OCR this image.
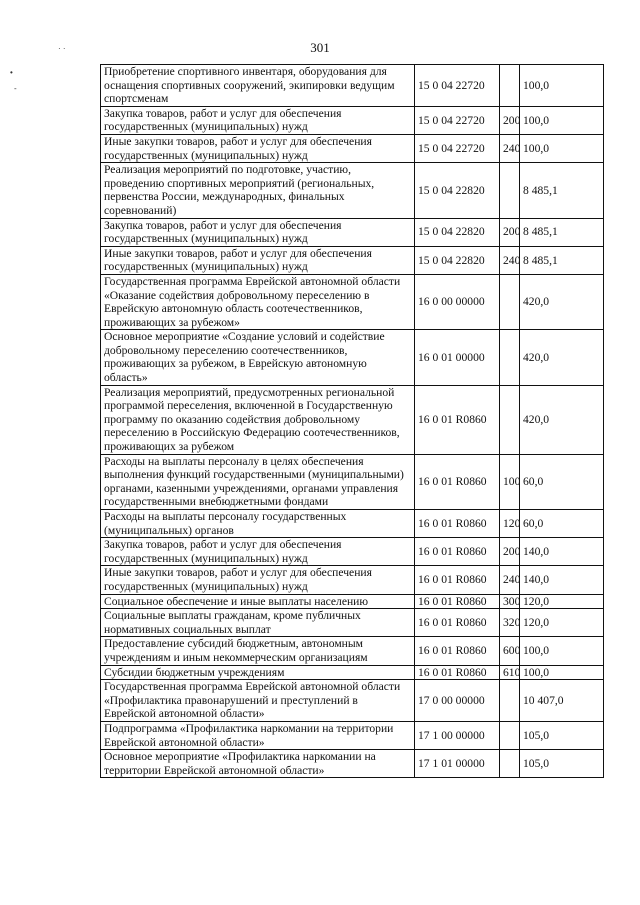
301
· ·
•
-
Приобретение спортивного инвентаря, оборудования для оснащения спортивных сооружений, экипировки ведущим спортсменам	15 0 04 22720		100,0
Закупка товаров, работ и услуг для обеспечения государственных (муниципальных) нужд	15 0 04 22720	200	100,0
Иные закупки товаров, работ и услуг для обеспечения государственных (муниципальных) нужд	15 0 04 22720	240	100,0
Реализация мероприятий по подготовке, участию, проведению спортивных мероприятий (региональных, первенства России, международных, финальных соревнований)	15 0 04 22820		8 485,1
Закупка товаров, работ и услуг для обеспечения государственных (муниципальных) нужд	15 0 04 22820	200	8 485,1
Иные закупки товаров, работ и услуг для обеспечения государственных (муниципальных) нужд	15 0 04 22820	240	8 485,1
Государственная программа Еврейской автономной области «Оказание содействия добровольному переселению в Еврейскую автономную область соотечественников, проживающих за рубежом»	16 0 00 00000		420,0
Основное мероприятие «Создание условий и содействие добровольному переселению соотечественников, проживающих за рубежом, в Еврейскую автономную область»	16 0 01 00000		420,0
Реализация мероприятий, предусмотренных региональной программой переселения, включенной в Государственную программу по оказанию содействия добровольному переселению в Российскую Федерацию соотечественников, проживающих за рубежом	16 0 01 R0860		420,0
Расходы на выплаты персоналу в целях обеспечения выполнения функций государственными (муниципальными) органами, казенными учреждениями, органами управления государственными внебюджетными фондами	16 0 01 R0860	100	60,0
Расходы на выплаты персоналу государственных (муниципальных) органов	16 0 01 R0860	120	60,0
Закупка товаров, работ и услуг для обеспечения государственных (муниципальных) нужд	16 0 01 R0860	200	140,0
Иные закупки товаров, работ и услуг для обеспечения государственных (муниципальных) нужд	16 0 01 R0860	240	140,0
Социальное обеспечение и иные выплаты населению	16 0 01 R0860	300	120,0
Социальные выплаты гражданам, кроме публичных нормативных социальных выплат	16 0 01 R0860	320	120,0
Предоставление субсидий бюджетным, автономным учреждениям и иным некоммерческим организациям	16 0 01 R0860	600	100,0
Субсидии бюджетным учреждениям	16 0 01 R0860	610	100,0
Государственная программа Еврейской автономной области «Профилактика правонарушений и преступлений в Еврейской автономной области»	17 0 00 00000		10 407,0
Подпрограмма «Профилактика наркомании на территории Еврейской автономной области»	17 1 00 00000		105,0
Основное мероприятие «Профилактика наркомании на территории Еврейской автономной области»	17 1 01 00000		105,0
